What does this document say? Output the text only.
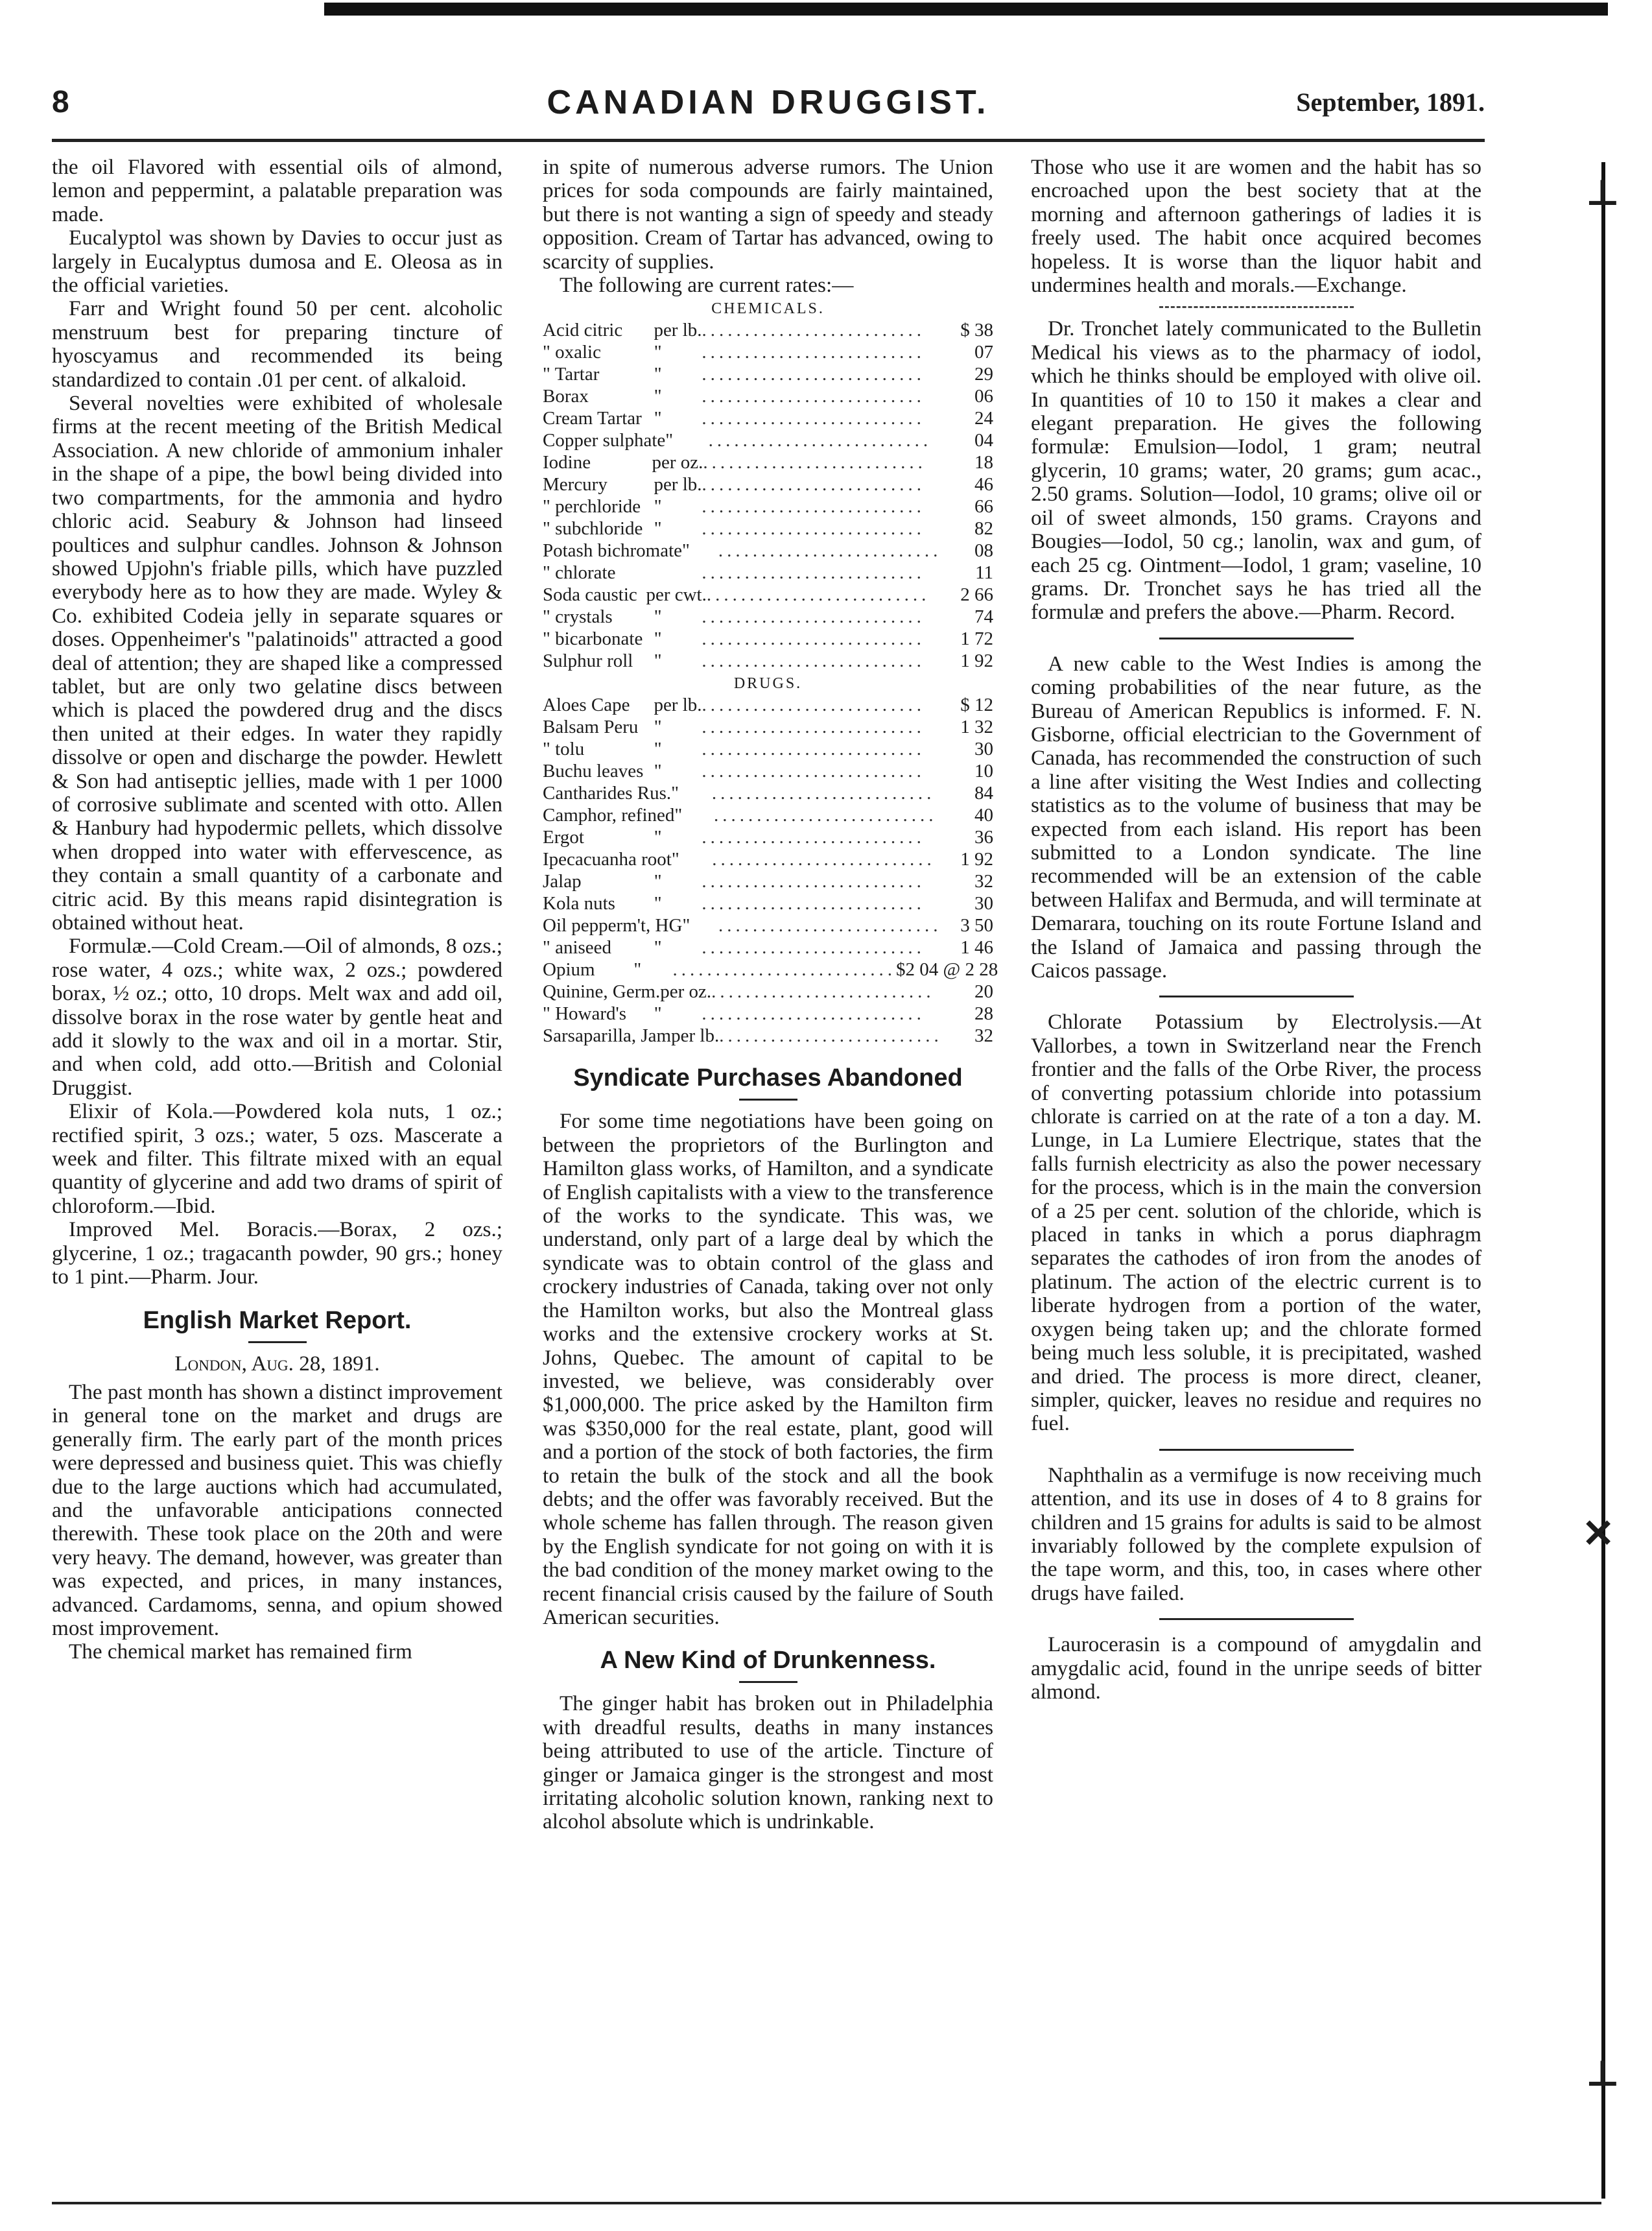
8	CANADIAN DRUGGIST.	September, 1891.

the oil Flavored with essential oils of almond, lemon and peppermint, a palatable preparation was made.

Eucalyptol was shown by Davies to occur just as largely in Eucalyptus dumosa and E. Oleosa as in the official varieties.

Farr and Wright found 50 per cent. alcoholic menstruum best for preparing tincture of hyoscyamus and recommended its being standardized to contain .01 per cent. of alkaloid.

Several novelties were exhibited of wholesale firms at the recent meeting of the British Medical Association. A new chloride of ammonium inhaler in the shape of a pipe, the bowl being divided into two compartments, for the ammonia and hydro chloric acid. Seabury & Johnson had linseed poultices and sulphur candles. Johnson & Johnson showed Upjohn's friable pills, which have puzzled everybody here as to how they are made. Wyley & Co. exhibited Codeia jelly in separate squares or doses. Oppenheimer's "palatinoids" attracted a good deal of attention; they are shaped like a compressed tablet, but are only two gelatine discs between which is placed the powdered drug and the discs then united at their edges. In water they rapidly dissolve or open and discharge the powder. Hewlett & Son had antiseptic jellies, made with 1 per 1000 of corrosive sublimate and scented with otto. Allen & Hanbury had hypodermic pellets, which dissolve when dropped into water with effervescence, as they contain a small quantity of a carbonate and citric acid. By this means rapid disintegration is obtained without heat.

Formulæ.—Cold Cream.—Oil of almonds, 8 ozs.; rose water, 4 ozs.; white wax, 2 ozs.; powdered borax, ½ oz.; otto, 10 drops. Melt wax and add oil, dissolve borax in the rose water by gentle heat and add it slowly to the wax and oil in a mortar. Stir, and when cold, add otto.—British and Colonial Druggist.

Elixir of Kola.—Powdered kola nuts, 1 oz.; rectified spirit, 3 ozs.; water, 5 ozs. Mascerate a week and filter. This filtrate mixed with an equal quantity of glycerine and add two drams of spirit of chloroform.—Ibid.

Improved Mel. Boracis.—Borax, 2 ozs.; glycerine, 1 oz.; tragacanth powder, 90 grs.; honey to 1 pint.—Pharm. Jour.

English Market Report.
London, Aug. 28, 1891.

The past month has shown a distinct improvement in general tone on the market and drugs are generally firm. The early part of the month prices were depressed and business quiet. This was chiefly due to the large auctions which had accumulated, and the unfavorable anticipations connected therewith. These took place on the 20th and were very heavy. The demand, however, was greater than was expected, and prices, in many instances, advanced. Cardamoms, senna, and opium showed most improvement.

The chemical market has remained firm

in spite of numerous adverse rumors. The Union prices for soda compounds are fairly maintained, but there is not wanting a sign of speedy and steady opposition. Cream of Tartar has advanced, owing to scarcity of supplies.

The following are current rates:—

CHEMICALS.
Acid citric	per lb. ..........................	$ 38
" oxalic	"	..........................	07
" Tartar	"	..........................	29
Borax	"	..........................	06
Cream Tartar "	..........................	24
Copper sulphate "	..........................	04
Iodine	per oz. ..........................	18
Mercury	per lb. ..........................	46
" perchloride "	..........................	66
" subchloride "	..........................	82
Potash bichromate "	..........................	08
" chlorate	..........................	11
Soda caustic per cwt. ..........................	2 66
" crystals	"	..........................	74
" bicarbonate "	..........................	1 72
Sulphur roll	"	..........................	1 92
DRUGS.
Aloes Cape	per lb. ..........................	$ 12
Balsam Peru "	..........................	1 32
" tolu	"	..........................	30
Buchu leaves "	..........................	10
Cantharides Rus. "	..........................	84
Camphor, refined "	..........................	40
Ergot	"	..........................	36
Ipecacuanha root "	..........................	1 92
Jalap	"	..........................	32
Kola nuts	"	..........................	30
Oil pepperm't, HG "	.......................... 3 50
" aniseed	"	..........................	1 46
Opium	"	.......................... $2 04 @ 2 28
Quinine, Germ. per oz. ..........................	20
" Howard's	"	..........................	28
Sarsaparilla, Jam per lb. ..........................	32
Syndicate Purchases Abandoned

For some time negotiations have been going on between the proprietors of the Burlington and Hamilton glass works, of Hamilton, and a syndicate of English capitalists with a view to the transference of the works to the syndicate. This was, we understand, only part of a large deal by which the syndicate was to obtain control of the glass and crockery industries of Canada, taking over not only the Hamilton works, but also the Montreal glass works and the extensive crockery works at St. Johns, Quebec. The amount of capital to be invested, we believe, was considerably over $1,000,000. The price asked by the Hamilton firm was $350,000 for the real estate, plant, good will and a portion of the stock of both factories, the firm to retain the bulk of the stock and all the book debts; and the offer was favorably received. But the whole scheme has fallen through. The reason given by the English syndicate for not going on with it is the bad condition of the money market owing to the recent financial crisis caused by the failure of South American securities.

A New Kind of Drunkenness.

The ginger habit has broken out in Philadelphia with dreadful results, deaths in many instances being attributed to use of the article. Tincture of ginger or Jamaica ginger is the strongest and most irritating alcoholic solution known, ranking next to alcohol absolute which is undrinkable.

Those who use it are women and the habit has so encroached upon the best society that at the morning and afternoon gatherings of ladies it is freely used. The habit once acquired becomes hopeless. It is worse than the liquor habit and undermines health and morals.—Exchange.

Dr. Tronchet lately communicated to the Bulletin Medical his views as to the pharmacy of iodol, which he thinks should be employed with olive oil. In quantities of 10 to 150 it makes a clear and elegant preparation. He gives the following formulæ: Emulsion—Iodol, 1 gram; neutral glycerin, 10 grams; water, 20 grams; gum acac., 2.50 grams. Solution—Iodol, 10 grams; olive oil or oil of sweet almonds, 150 grams. Crayons and Bougies—Iodol, 50 cg.; lanolin, wax and gum, of each 25 cg. Ointment—Iodol, 1 gram; vaseline, 10 grams. Dr. Tronchet says he has tried all the formulæ and prefers the above.—Pharm. Record.

A new cable to the West Indies is among the coming probabilities of the near future, as the Bureau of American Republics is informed. F. N. Gisborne, official electrician to the Government of Canada, has recommended the construction of such a line after visiting the West Indies and collecting statistics as to the volume of business that may be expected from each island. His report has been submitted to a London syndicate. The line recommended will be an extension of the cable between Halifax and Bermuda, and will terminate at Demarara, touching on its route Fortune Island and the Island of Jamaica and passing through the Caicos passage.

Chlorate Potassium by Electrolysis.—At Vallorbes, a town in Switzerland near the French frontier and the falls of the Orbe River, the process of converting potassium chloride into potassium chlorate is carried on at the rate of a ton a day. M. Lunge, in La Lumiere Electrique, states that the falls furnish electricity as also the power necessary for the process, which is in the main the conversion of a 25 per cent. solution of the chloride, which is placed in tanks in which a porus diaphragm separates the cathodes of iron from the anodes of platinum. The action of the electric current is to liberate hydrogen from a portion of the water, oxygen being taken up; and the chlorate formed being much less soluble, it is precipitated, washed and dried. The process is more direct, cleaner, simpler, quicker, leaves no residue and requires no fuel.

Naphthalin as a vermifuge is now receiving much attention, and its use in doses of 4 to 8 grains for children and 15 grains for adults is said to be almost invariably followed by the complete expulsion of the tape worm, and this, too, in cases where other drugs have failed.

Laurocerasin is a compound of amygdalin and amygdalic acid, found in the unripe seeds of bitter almond.

⊥
✕
⊥
